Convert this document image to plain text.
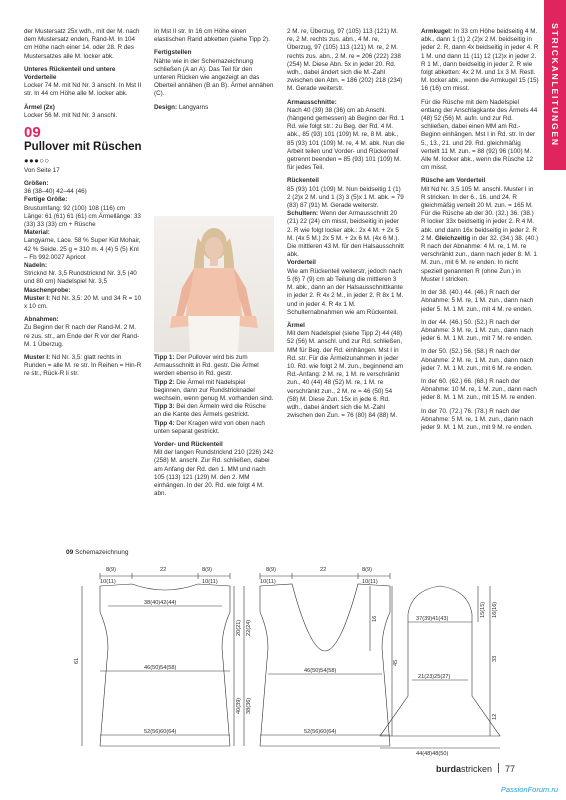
STRICKANLEITUNGEN

der Mustersatz 25x wdh., mit der M. nach dem Mustersatz enden, Rand-M. In 104 cm Höhe nach einer 14. oder 28. R des Mustersatzes alle M. locker abk.

Unteres Rückenteil und untere Vorderteile
Locker 74 M. mit Nd Nr. 3 anschl. In Mst II str. In 44 cm Höhe alle M. locker abk.

Ärmel (2x)
Locker 56 M. mit Nd Nr. 3 anschl.

09
Pullover mit Rüschen
●●●○○

Von Seite 17

Größen:
36 (38–40) 42–44 (46)

Fertige Größe:
Brustumfang: 92 (100) 108 (116) cm Länge: 61 (61) 61 (61) cm Ärmellänge: 33 (33) 33 (33) cm + Rüsche

Material:
Langyarne, Lace. 58 % Super Kid Mohair, 42 % Seide. 25 g = 310 m. 4 (4) 5 (5) Knl – Fb 992.0027 Apricot

Nadeln:
Stricknd Nr. 3,5 Rundstricknd Nr. 3,5 (40 und 80 cm) Nadelspiel Nr. 3,5

Maschenprobe:
Muster I: Nd Nr. 3,5: 20 M. und 34 R = 10 x 10 cm.

Abnahmen:
Zu Beginn der R nach der Rand-M. 2 M. re zus. str., am Ende der R vor der Rand-M. 1 Überzug.

Muster I: Nd Nr. 3,5: glatt rechts in Runden = alle M. re str. In Reihen = Hin-R re str., Rück-R li str.

In Mst II str. In 16 cm Höhe einen elastischen Rand abketten (siehe Tipp 2).

Fertigstellen
Nähte wie in der Schemazeichnung schließen (A an A). Das Teil für den unteren Rücken wie angezeigt an das Oberteil annähen (B an B). Ärmel annähen (C).

Design: Langyarns

Tipp 1: Der Pullover wird bis zum Armausschnitt in Rd. gestr. Die Ärmel werden ebenso in Rd. gestr.
Tipp 2: Die Ärmel mit Nadelspiel beginnen, dann zur Rundstricknadel wechseln, wenn genug M. vorhanden sind.
Tipp 3: Bei den Ärmeln wird die Rüsche an die Kante des Ärmels gestrickt.
Tipp 4: Der Kragen wird von oben nach unten separat gestrickt.

Vorder- und Rückenteil
Mit der langen Rundstricknd 210 (226) 242 (258) M. anschl. Zur Rd. schließen, dabei am Anfang der Rd. den 1. MM und nach 105 (113) 121 (129) M. den 2. MM einhängen. In der 20. Rd. wie folgt 4 M. abn.

2 M. re, Überzug, 97 (105) 113 (121) M. re, 2 M. rechts zus. abn., 4 M. re, Überzug, 97 (105) 113 (121) M. re, 2 M. rechts zus. abn., 2 M. re = 206 (222) 238 (254) M. Diese Abn. 5x in jeder 20. Rd. wdh., dabei ändert sich die M.-Zahl zwischen den Abn. = 186 (202) 218 (234) M. Gerade weiterstr.

Armausschnitte:
Nach 40 (39) 38 (36) cm ab Anschl. (hängend gemessen) ab Beginn der Rd. 1 Rd. wie folgt str.: zu Beg. der Rd. 4 M. abk., 85 (93) 101 (109) M. re, 8 M. abk., 85 (93) 101 (109) M. re, 4 M. abk. Nun die Arbeit teilen und Vorder- und Rückenteil getrennt beenden = 85 (93) 101 (109) M. für jedes Teil.

Rückenteil
85 (93) 101 (109) M. Nun beidseitig 1 (1) 2 (2)x 2 M. und 1 (3) 3 (5)x 1 M. abk. = 79 (83) 87 (91) M. Gerade weiterstr.
Schultern: Wenn der Armausschnitt 20 (21) 22 (24) cm misst, beidseitig in jeder 2. R wie folgt locker abk.: 2x 4 M. + 2x 5 M. (4x 5 M.) 2x 5 M. + 2x 6 M. (4x 6 M.). Die mittleren 43 M. für den Halsausschnitt abk.

Vorderteil
Wie am Rückenteil weiterstr, jedoch nach 5 (6) 7 (9) cm ab Teilung die mittleren 3 M. abk., dann an der Halsausschnittkante in jeder 2. R 4x 2 M., in jeder 2. R 8x 1 M. und in jeder 4. R 4x 1 M. Schulternabnahmen wie am Rückenteil.

Ärmel
Mit dem Nadelspiel (siehe Tipp 2) 44 (48) 52 (56) M. anschl. und zur Rd. schließen, MM für Beg. der Rd. einhängen. Mst I in Rd. str. Für die Ärmelzunahmen in jeder 10. Rd. wie folgt 2 M. zun., beginnend am Rd.-Anfang: 2 M. re, 1 M. re verschränkt zun., 40 (44) 48 (52) M. re, 1 M. re verschränkt zun., 2 M. re = 46 (50) 54 (58) M. Diese Zun. 15x in jede 6. Rd. wdh., dabei ändert sich die M.-Zahl zwischen den Zun. = 76 (80) 84 (88) M.

Armkugel: In 33 cm Höhe beidseitig 4 M. abk., dann 1 (1) 2 (2)x 2 M. beidseitig in jeder 2. R, dann 4x beidseitig in jeder 4. R 1 M. und dann 11 (11) 12 (12)x in jeder 2. R 1 M., dann beidseitig in jeder 2. R wie folgt abketten: 4x 2 M. und 1x 3 M. Restl. M. locker abk., wenn die Armkugel 15 (15) 16 (16) cm misst.

Für die Rüsche mit dem Nadelspiel entlang der Anschlagkante des Ärmels 44 (48) 52 (56) M. aufn. und zur Rd. schließen, dabei einen MM am Rd.-Beginn einhängen. Mst I in Rd. str. In der 5., 13., 21. und 29. Rd. gleichmäßig verteilt 11 M. zun. = 88 (92) 96 (100) M. Alle M. locker abk., wenn die Rüsche 12 cm misst.

Rüsche am Vorderteil
Mit Nd Nr. 3,5 105 M. anschl. Muster I in R stricken. In der 6., 16. und 24. R gleichmäßig verteilt 20 M. zun. = 165 M. Für die Rüsche ab der 30. (32.) 36. (38.) R locker 33x beidseitig in jeder 2. R 4 M. abk. und dann 16x beidseitig in jeder 2. R 2 M. Gleichzeitig in der 32. (34.) 38. (40.) R nach der Abnahme: 4 M. re, 1 M. re verschränkt zun., dann nach jeder 8. M. 1 M. zun., mit 6 M. re enden. In nicht speziell genannten R (ohne Zun.) in Muster I stricken.

In der 38. (40.) 44. (46.) R nach der Abnahme: 5 M. re, 1 M. zun., dann nach jeder 5. M. 1 M. zun., mit 4 M. re enden.

In der 44. (46.) 50. (52.) R nach der Abnahme: 3 M. re, 1 M. zun., dann nach jeder 6. M. 1 M. zun., mit 7 M. re enden.

In der 50. (52.) 56. (58.) R nach der Abnahme: 2 M. re, 1 M. zun., dann nach jeder 7. M. 1 M. zun., mit 6 M. re enden.

In der 60. (62.) 66. (68.) R nach der Abnahme: 10 M. re, 1 M. zun., dann nach jeder 8. M. 1 M. zun., mit 15 M. re enden.

In der 70. (72.) 76. (78.) R nach der Abnahme: 5 M. re, 1 M. zun., dann nach jeder 9. M. 1 M. zun., mit 9 M. re enden.

09 Schemazeichnung
8(9)	22	8(9)
10(11)	10(11)
38(40)42(44)
46(50)54(58)
52(56)60(64)
61
20(21) 22(24)
40(39) 38(36)
8(9)	22	8(9)
10(11)	10(11)
46(50)54(58)
52(56)60(64)
16
45
37(39)41(43)
21(23)25(27)
44(48)48(50)
15(15) 16(16)
33
12
burdastricken 77
PassionForum.ru
